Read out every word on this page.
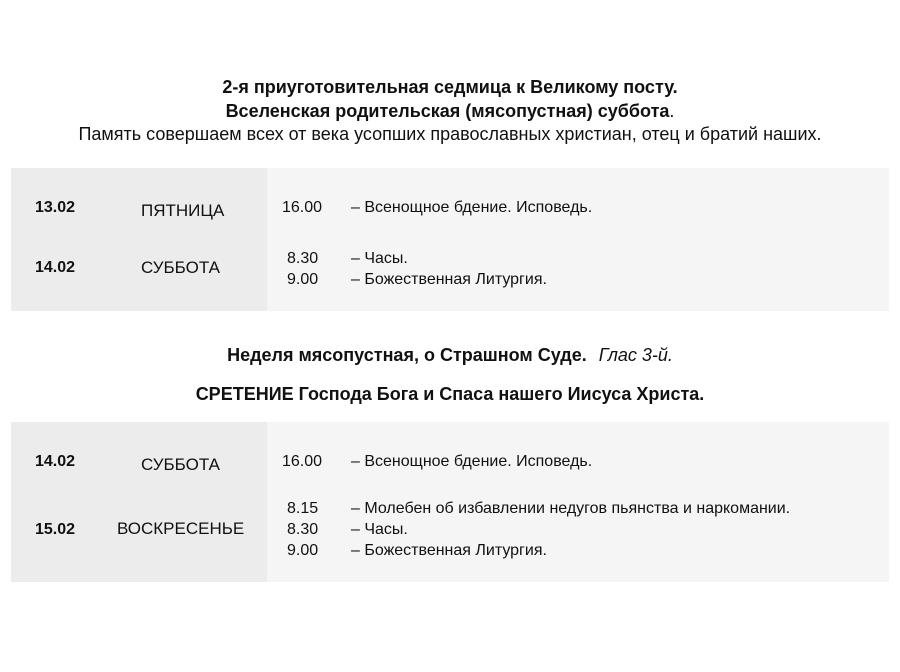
2-я приуготовительная седмица к Великому посту.
Вселенская родительская (мясопустная) суббота.
Память совершаем всех от века усопших православных христиан, отец и братий наших.
13.02	ПЯТНИЦА	16.00 – Всенощное бдение. Исповедь.
14.02	СУББОТА	8.30 – Часы.
9.00 – Божественная Литургия.
Неделя мясопустная, о Страшном Суде. Глас 3-й.
СРЕТЕНИЕ Господа Бога и Спаса нашего Иисуса Христа.
14.02	СУББОТА	16.00 – Всенощное бдение. Исповедь.
15.02 ВОСКРЕСЕНЬЕ
8.15 – Молебен об избавлении недугов пьянства и наркомании.
8.30 – Часы.
9.00 – Божественная Литургия.
